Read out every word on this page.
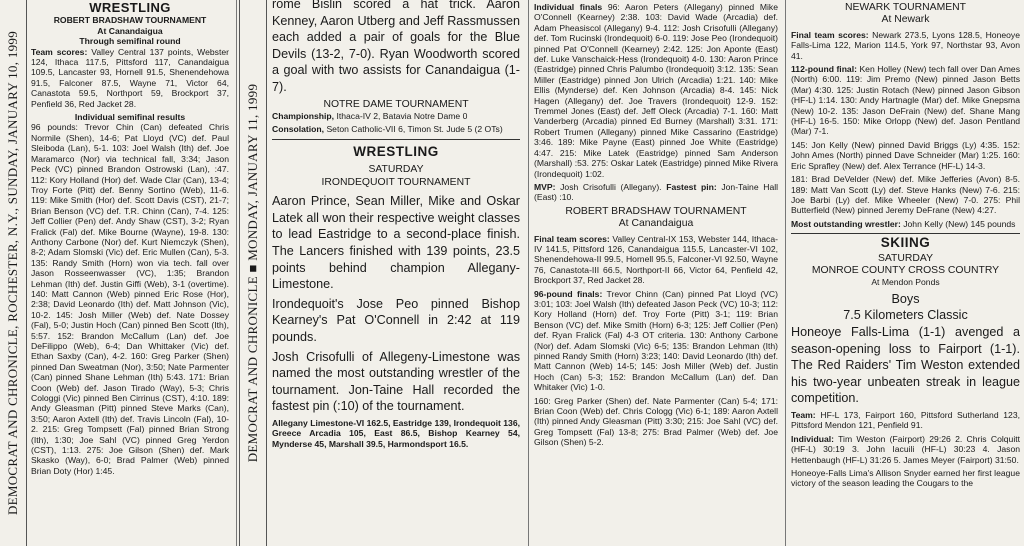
DEMOCRAT AND CHRONICLE, ROCHESTER, N.Y., SUNDAY, JANUARY 10, 1999
WRESTLING
ROBERT BRADSHAW TOURNAMENT
At Canandaigua
Through semifinal round

Team scores: Valley Central 137 points, Webster 124, Ithaca 117.5, Pittsford 117, Canandaigua 109.5, Lancaster 93, Hornell 91.5, Shenendehowa 91.5, Falconer 87.5, Wayne 71, Victor 64, Canastota 59.5, Northport 59, Brockport 37, Penfield 36, Red Jacket 28.

Individual semifinal results

96 pounds: Trevor Chin (Can) defeated Chris Normile (Shen), 14-6; Pat Lloyd (VC) def. Paul Sleiboda (Lan), 5-1. 103: Joel Walsh (Ith) def. Joe Maramarco (Nor) via technical fall, 3:34; Jason Peck (VC) pinned Brandon Ostrowski (Lan), :47. 112: Kory Holland (Hor) def. Wade Clar (Can), 13-4; Troy Forte (Pitt) def. Benny Sortino (Web), 11-6. 119: Mike Smith (Hor) def. Scott Davis (CST), 21-7; Brian Benson (VC) def. T.R. Chinn (Can), 7-4. 125: Jeff Collier (Pen) def. Andy Shaw (CST), 3-2; Ryan Fralick (Fal) def. Mike Bourne (Wayne), 19-8. 130: Anthony Carbone (Nor) def. Kurt Niemczyk (Shen), 8-2; Adam Slomski (Vic) def. Eric Mullen (Can), 5-3. 135: Randy Smith (Horn) won via tech. fall over Jason Rosseenwasser (VC), 1:35; Brandon Lehman (Ith) def. Justin Giffi (Web), 3-1 (overtime). 140: Matt Cannon (Web) pinned Eric Rose (Hor), 2:38; David Leonardo (Ith) def. Matt Johnson (Vic), 10-2. 145: Josh Miller (Web) def. Nate Dossey (Fal), 5-0; Justin Hoch (Can) pinned Ben Scott (Ith), 5:57. 152: Brandon McCallum (Lan) def. Joe DeFilippo (Web), 6-4; Dan Whittaker (Vic) def. Ethan Saxby (Can), 4-2. 160: Greg Parker (Shen) pinned Dan Sweatman (Nor), 3:50; Nate Parmenter (Can) pinned Shane Lehman (Ith) 5:43. 171: Brian Coon (Web) def. Jason Tirado (Way), 5-3; Chris Cologgi (Vic) pinned Ben Cirrinus (CST), 4:10. 189: Andy Gleasman (Pitt) pinned Steve Marks (Can), 3:50; Aaron Axtell (Ith) def. Travis Lincoln (Fal), 10-2. 215: Greg Tompsett (Fal) pinned Brian Strong (Ith), 1:30; Joe Sahl (VC) pinned Greg Yerdon (CST), 1:13. 275: Joe Gilson (Shen) def. Mark Skasko (Way), 6-0; Brad Palmer (Web) pinned Brian Doty (Hor) 1:45.

DEMOCRAT AND CHRONICLE ■ MONDAY, JANUARY 11, 1999

rome Bislin scored a hat trick. Aaron Kenney, Aaron Utberg and Jeff Rassmussen each added a pair of goals for the Blue Devils (13-2, 7-0). Ryan Woodworth scored a goal with two assists for Canandaigua (1-7).

NOTRE DAME TOURNAMENT

Championship, Ithaca-IV 2, Batavia Notre Dame 0

Consolation, Seton Catholic-VII 6, Timon St. Jude 5 (2 OTs)

WRESTLING
SATURDAY
IRONDEQUOIT TOURNAMENT

Aaron Prince, Sean Miller, Mike and Oskar Latek all won their respective weight classes to lead Eastridge to a second-place finish. The Lancers finished with 139 points, 23.5 points behind champion Allegany-Limestone.

Irondequoit's Jose Peo pinned Bishop Kearney's Pat O'Connell in 2:42 at 119 pounds.

Josh Crisofulli of Allegeny-Limestone was named the most outstanding wrestler of the tournament. Jon-Taine Hall recorded the fastest pin (:10) of the tournament.

Allegany Limestone-VI 162.5, Eastridge 139, Irondequoit 136, Greece Arcadia 105, East 86.5, Bishop Kearney 54, Mynderse 45, Marshall 39.5, Harmondsport 16.5.

Individual finals 96: Aaron Peters (Allegany) pinned Mike O'Connell (Kearney) 2:38. 103: David Wade (Arcadia) def. Adam Pheasiscol (Allegany) 9-4. 112: Josh Crisofulli (Allegany) def. Tom Rucinski (Irondequoit) 6-0. 119: Jose Peo (Irondequoit) pinned Pat O'Connell (Kearney) 2:42. 125: Jon Aponte (East) def. Luke Vanschaick-Hess (Irondequoit) 4-0. 130: Aaron Prince (Eastridge) pinned Chris Palumbo (Irondequoit) 3:12. 135: Sean Miller (Eastridge) pinned Jon Ulrich (Arcadia) 1:21. 140: Mike Ellis (Mynderse) def. Ken Johnson (Arcadia) 8-4. 145: Nick Hagen (Allegany) def. Joe Travers (Irondequoit) 12-9. 152: Tremmel Jones (East) def. Jeff Oleck (Arcadia) 7-1. 160: Matt Vanderberg (Arcadia) pinned Ed Burney (Marshall) 3:31. 171: Robert Trumen (Allegany) pinned Mike Cassarino (Eastridge) 3:46. 189: Mike Payne (East) pinned Joe White (Eastridge) 4:47. 215: Mike Latek (Eastridge) pinned Sam Anderson (Marshall) :53. 275: Oskar Latek (Eastridge) pinned Mike Rivera (Irondequoit) 1:02.

MVP: Josh Crisofulli (Allegany). Fastest pin: Jon-Taine Hall (East) :10.

ROBERT BRADSHAW TOURNAMENT
At Canandaigua

Final team scores: Valley Central-IX 153, Webster 144, Ithaca-IV 141.5, Pittsford 126, Canandaigua 115.5, Lancaster-VI 102, Shenendehowa-II 99.5, Hornell 95.5, Falconer-VI 92.50, Wayne 76, Canastota-III 66.5, Northport-II 66, Victor 64, Penfield 42, Brockport 37, Red Jacket 28.

96-pound finals: Trevor Chinn (Can) pinned Pat Lloyd (VC) 3:01; 103: Joel Walsh (Ith) defeated Jason Peck (VC) 10-3; 112: Kory Holland (Horn) def. Troy Forte (Pitt) 3-1; 119: Brian Benson (VC) def. Mike Smith (Horn) 6-3; 125: Jeff Collier (Pen) def. Ryan Fralick (Fal) 4-3 OT criteria. 130: Anthony Carbone (Nor) def. Adam Slomski (Vic) 6-5; 135: Brandon Lehman (Ith) pinned Randy Smith (Horn) 3:23; 140: David Leonardo (Ith) def. Matt Cannon (Web) 14-5; 145: Josh Miller (Web) def. Justin Hoch (Can) 5-3; 152: Brandon McCallum (Lan) def. Dan Whitaker (Vic) 1-0.

160: Greg Parker (Shen) def. Nate Parmenter (Can) 5-4; 171: Brian Coon (Web) def. Chris Cologg (Vic) 6-1; 189: Aaron Axtell (Ith) pinned Andy Gleasman (Pitt) 3:30; 215: Joe Sahl (VC) def. Greg Tompsett (Fal) 13-8; 275: Brad Palmer (Web) def. Joe Gilson (Shen) 5-2.

NEWARK TOURNAMENT
At Newark

Final team scores: Newark 273.5, Lyons 128.5, Honeoye Falls-Lima 122, Marion 114.5, York 97, Northstar 93, Avon 41.

112-pound final: Ken Holley (New) tech fall over Dan Ames (North) 6:00. 119: Jim Premo (New) pinned Jason Betts (Mar) 4:30. 125: Justin Rotach (New) pinned Jason Gibson (HF-L) 1:14. 130: Andy Hartnagle (Mar) def. Mike Gnepsma (New) 10-2. 135: Jason DeFrain (New) def. Shane Mang (HF-L) 16-5. 150: Mike Orlopp (New) def. Jason Pentland (Mar) 7-1.

145: Jon Kelly (New) pinned David Briggs (Ly) 4:35. 152: John Ames (North) pinned Dave Schneider (Mar) 1:25. 160: Eric Sprafley (New) def. Alex Terrance (HF-L) 14-3.

181: Brad DeVelder (New) def. Mike Jefferies (Avon) 8-5. 189: Matt Van Scott (Ly) def. Steve Hanks (New) 7-6. 215: Joe Barbi (Ly) def. Mike Wheeler (New) 7-0. 275: Phil Butterfield (New) pinned Jeremy DeFrane (New) 4:27.

Most outstanding wrestler: John Kelly (New) 145 pounds

SKIING
SATURDAY
MONROE COUNTY CROSS COUNTRY
At Mendon Ponds
Boys
7.5 Kilometers Classic

Honeoye Falls-Lima (1-1) avenged a season-opening loss to Fairport (1-1). The Red Raiders' Tim Weston extended his two-year unbeaten streak in league competition.

Team: HF-L 173, Fairport 160, Pittsford Sutherland 123, Pittsford Mendon 121, Penfield 91.

Individual: Tim Weston (Fairport) 29:26 2. Chris Colquitt (HF-L) 30:19 3. John Iacuili (HF-L) 30:23 4. Jason Hettenbaugh (HF-L) 31:26 5. James Meyer (Fairport) 31:50.

Honeoye-Falls Lima's Allison Snyder earned her first league victory of the season leading the Cougars to the
